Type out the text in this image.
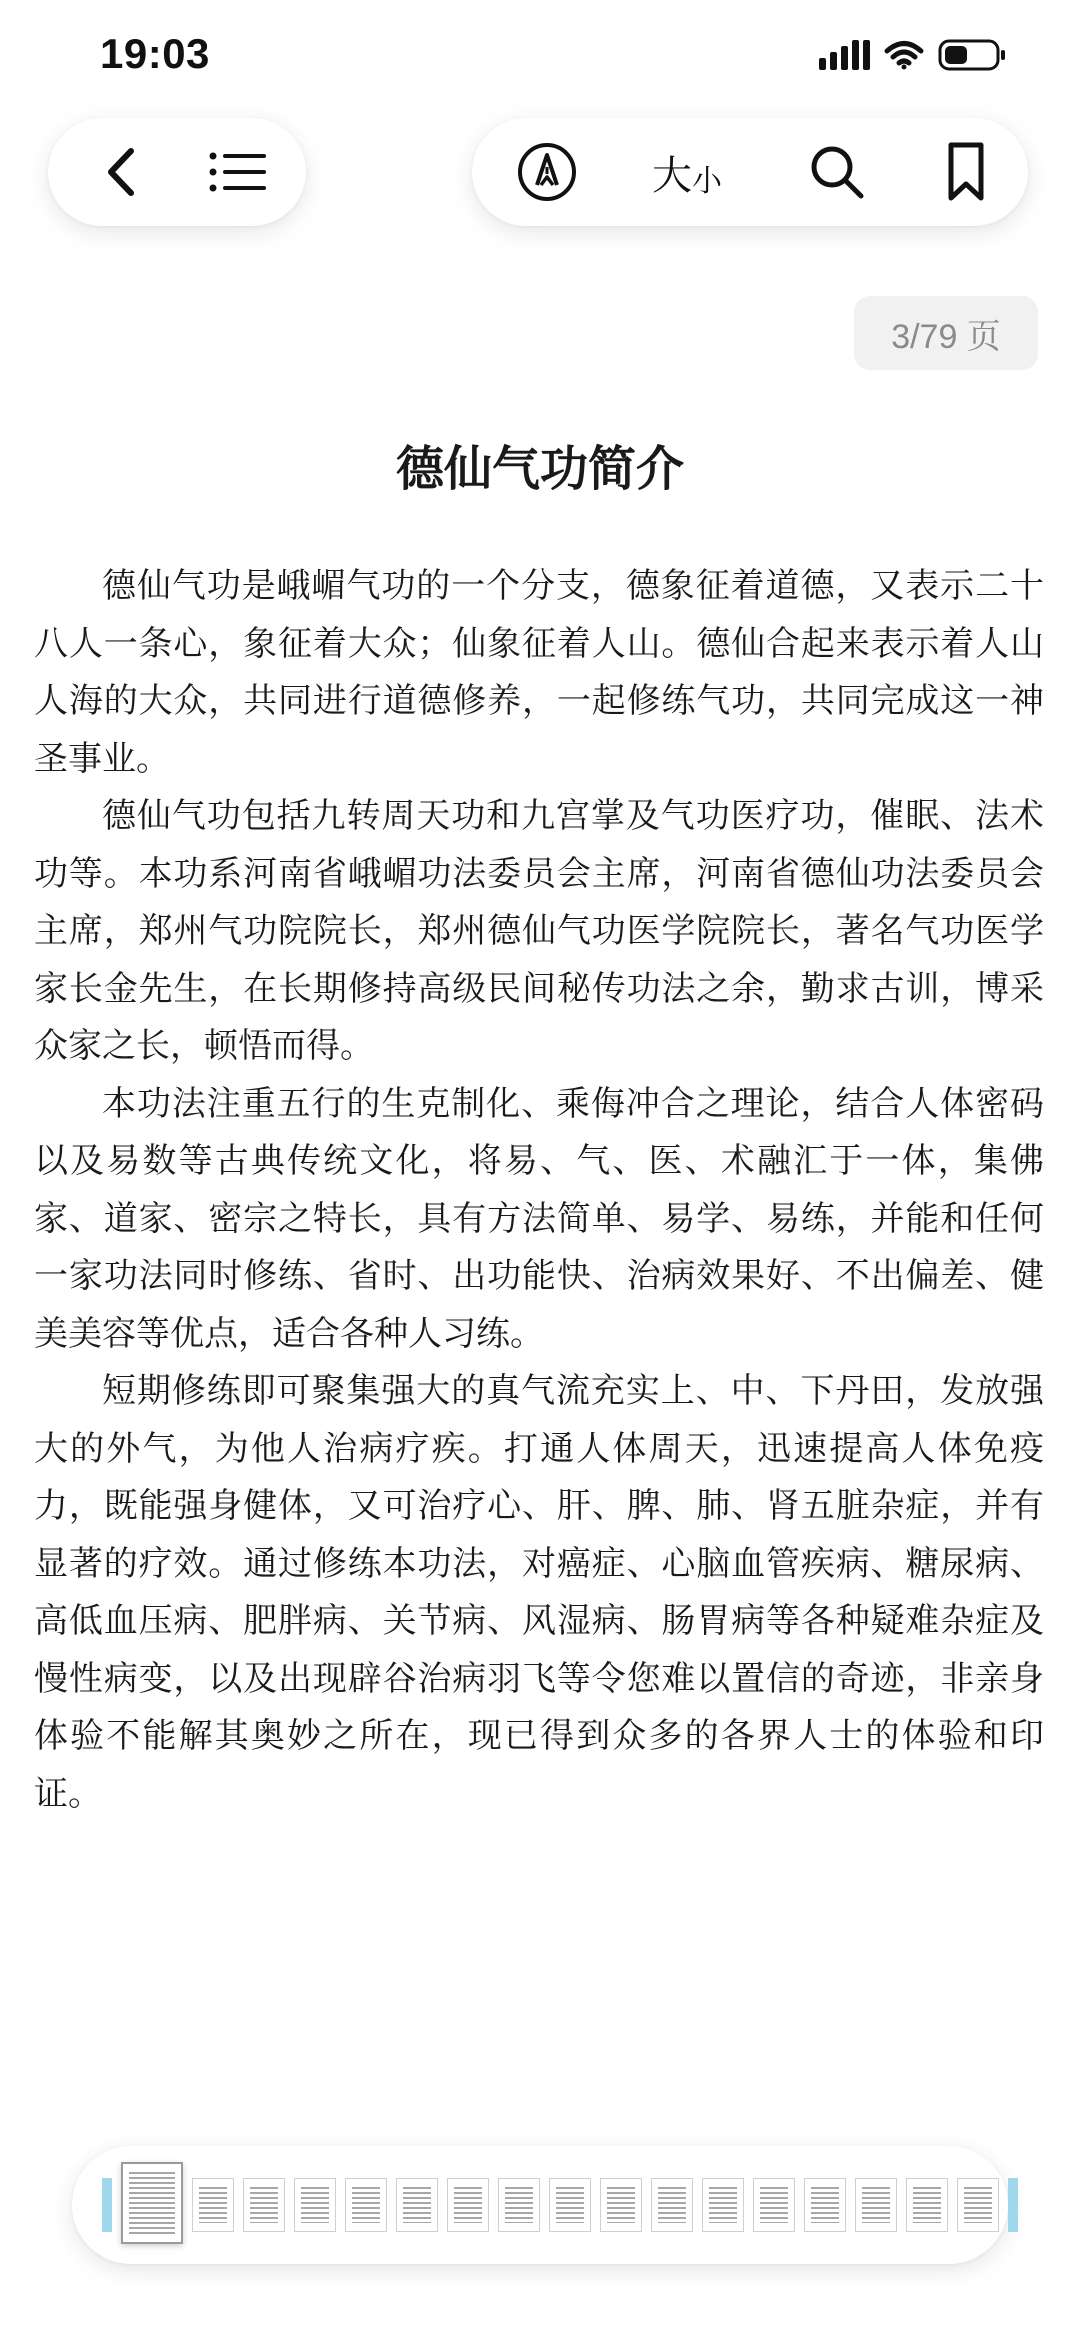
19:03
大 小
3/79 页
德仙气功简介

德仙气功是峨嵋气功的一个分支，德象征着道德，又表示二十八人一条心，象征着大众；仙象征着人山。德仙合起来表示着人山人海的大众，共同进行道德修养，一起修练气功，共同完成这一神圣事业。

德仙气功包括九转周天功和九宫掌及气功医疗功，催眠、法术功等。本功系河南省峨嵋功法委员会主席，河南省德仙功法委员会主席，郑州气功院院长，郑州德仙气功医学院院长，著名气功医学家长金先生，在长期修持高级民间秘传功法之余，勤求古训，博采众家之长，顿悟而得。

本功法注重五行的生克制化、乘侮冲合之理论，结合人体密码以及易数等古典传统文化，将易、气、医、术融汇于一体，集佛家、道家、密宗之特长，具有方法简单、易学、易练，并能和任何一家功法同时修练、省时、出功能快、治病效果好、不出偏差、健美美容等优点，适合各种人习练。

短期修练即可聚集强大的真气流充实上、中、下丹田，发放强大的外气，为他人治病疗疾。打通人体周天，迅速提高人体免疫力，既能强身健体，又可治疗心、肝、脾、肺、肾五脏杂症，并有显著的疗效。通过修练本功法，对癌症、心脑血管疾病、糖尿病、高低血压病、肥胖病、关节病、风湿病、肠胃病等各种疑难杂症及慢性病变，以及出现辟谷治病羽飞等令您难以置信的奇迹，非亲身体验不能解其奥妙之所在，现已得到众多的各界人士的体验和印证。
